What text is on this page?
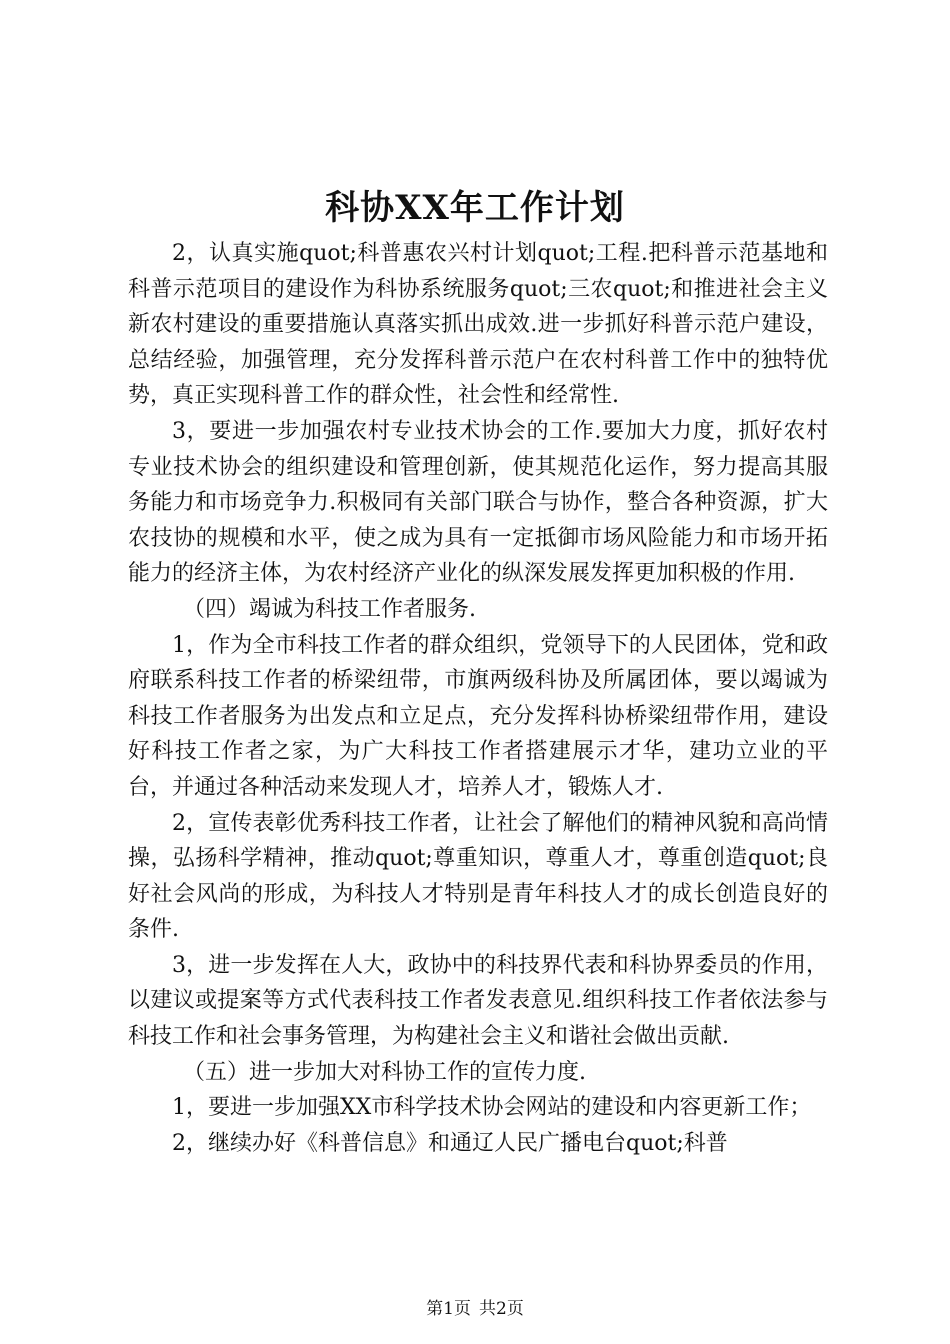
科协XX年工作计划

2，认真实施quot;科普惠农兴村计划quot;工程.把科普示范基地和科普示范项目的建设作为科协系统服务quot;三农quot;和推进社会主义新农村建设的重要措施认真落实抓出成效.进一步抓好科普示范户建设，总结经验，加强管理，充分发挥科普示范户在农村科普工作中的独特优势，真正实现科普工作的群众性，社会性和经常性.

3，要进一步加强农村专业技术协会的工作.要加大力度，抓好农村专业技术协会的组织建设和管理创新，使其规范化运作，努力提高其服务能力和市场竞争力.积极同有关部门联合与协作，整合各种资源，扩大农技协的规模和水平，使之成为具有一定抵御市场风险能力和市场开拓能力的经济主体，为农村经济产业化的纵深发展发挥更加积极的作用.

（四）竭诚为科技工作者服务.

1，作为全市科技工作者的群众组织，党领导下的人民团体，党和政府联系科技工作者的桥梁纽带，市旗两级科协及所属团体，要以竭诚为科技工作者服务为出发点和立足点，充分发挥科协桥梁纽带作用，建设好科技工作者之家，为广大科技工作者搭建展示才华，建功立业的平台，并通过各种活动来发现人才，培养人才，锻炼人才.

2，宣传表彰优秀科技工作者，让社会了解他们的精神风貌和高尚情操，弘扬科学精神，推动quot;尊重知识，尊重人才，尊重创造quot;良好社会风尚的形成，为科技人才特别是青年科技人才的成长创造良好的条件.

3，进一步发挥在人大，政协中的科技界代表和科协界委员的作用，以建议或提案等方式代表科技工作者发表意见.组织科技工作者依法参与科技工作和社会事务管理，为构建社会主义和谐社会做出贡献.

（五）进一步加大对科协工作的宣传力度.

1，要进一步加强XX市科学技术协会网站的建设和内容更新工作；

2，继续办好《科普信息》和通辽人民广播电台quot;科普

第1页 共2页
